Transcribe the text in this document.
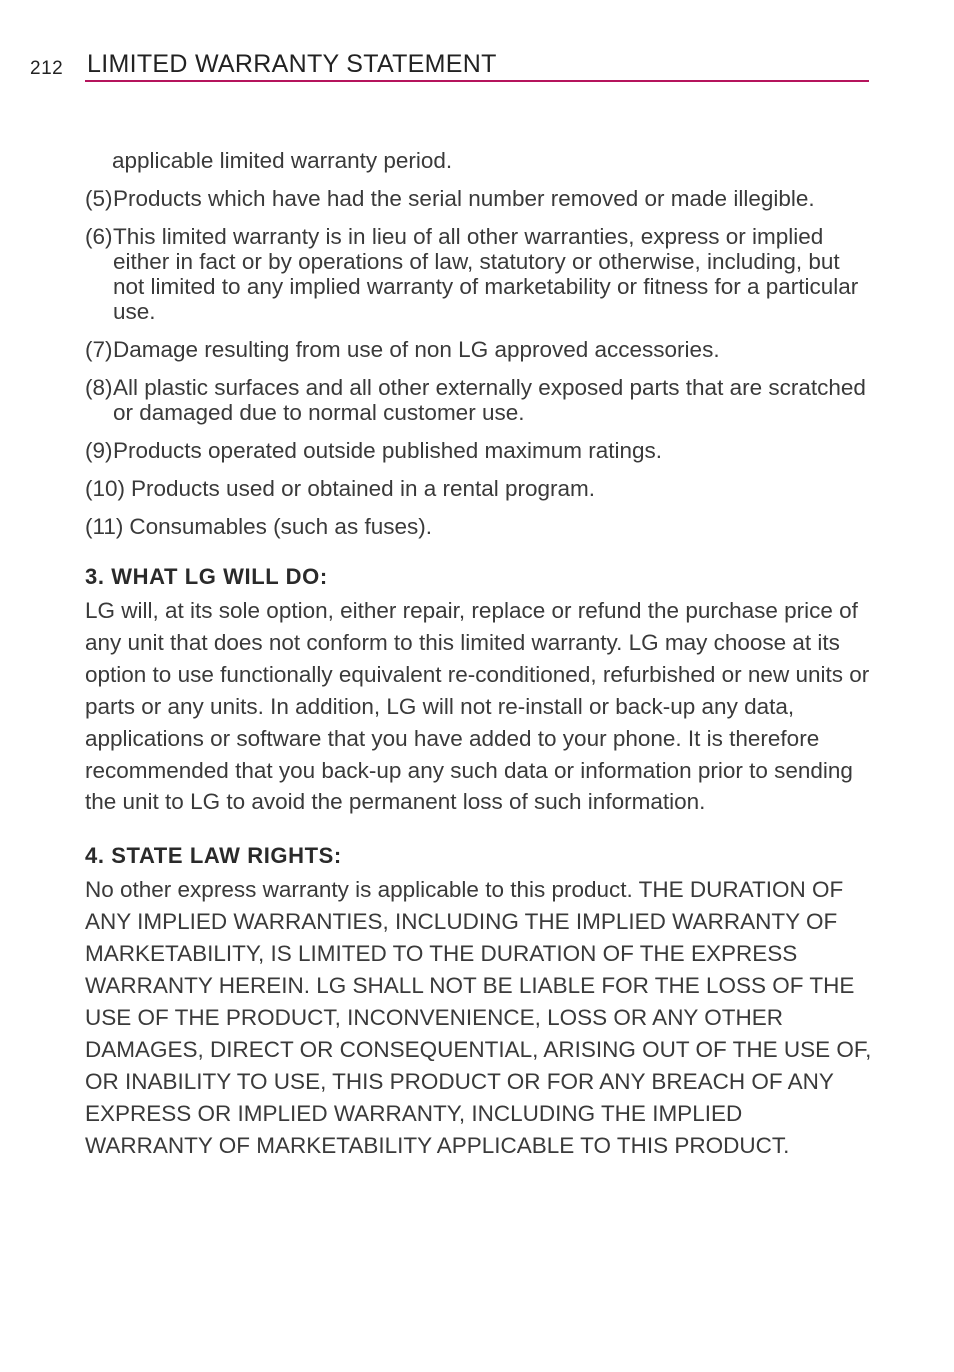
212 LIMITED WARRANTY STATEMENT
applicable limited warranty period.
(5) Products which have had the serial number removed or made illegible.
(6) This limited warranty is in lieu of all other warranties, express or implied either in fact or by operations of law, statutory or otherwise, including, but not limited to any implied warranty of marketability or fitness for a particular use.
(7) Damage resulting from use of non LG approved accessories.
(8) All plastic surfaces and all other externally exposed parts that are scratched or damaged due to normal customer use.
(9) Products operated outside published maximum ratings.
(10) Products used or obtained in a rental program.
(11) Consumables (such as fuses).
3. WHAT LG WILL DO:

LG will, at its sole option, either repair, replace or refund the purchase price of any unit that does not conform to this limited warranty. LG may choose at its option to use functionally equivalent re-conditioned, refurbished or new units or parts or any units. In addition, LG will not re-install or back-up any data, applications or software that you have added to your phone. It is therefore recommended that you back-up any such data or information prior to sending the unit to LG to avoid the permanent loss of such information.

4. STATE LAW RIGHTS:

No other express warranty is applicable to this product. THE DURATION OF ANY IMPLIED WARRANTIES, INCLUDING THE IMPLIED WARRANTY OF MARKETABILITY, IS LIMITED TO THE DURATION OF THE EXPRESS WARRANTY HEREIN. LG SHALL NOT BE LIABLE FOR THE LOSS OF THE USE OF THE PRODUCT, INCONVENIENCE, LOSS OR ANY OTHER DAMAGES, DIRECT OR CONSEQUENTIAL, ARISING OUT OF THE USE OF, OR INABILITY TO USE, THIS PRODUCT OR FOR ANY BREACH OF ANY EXPRESS OR IMPLIED WARRANTY, INCLUDING THE IMPLIED WARRANTY OF MARKETABILITY APPLICABLE TO THIS PRODUCT.
